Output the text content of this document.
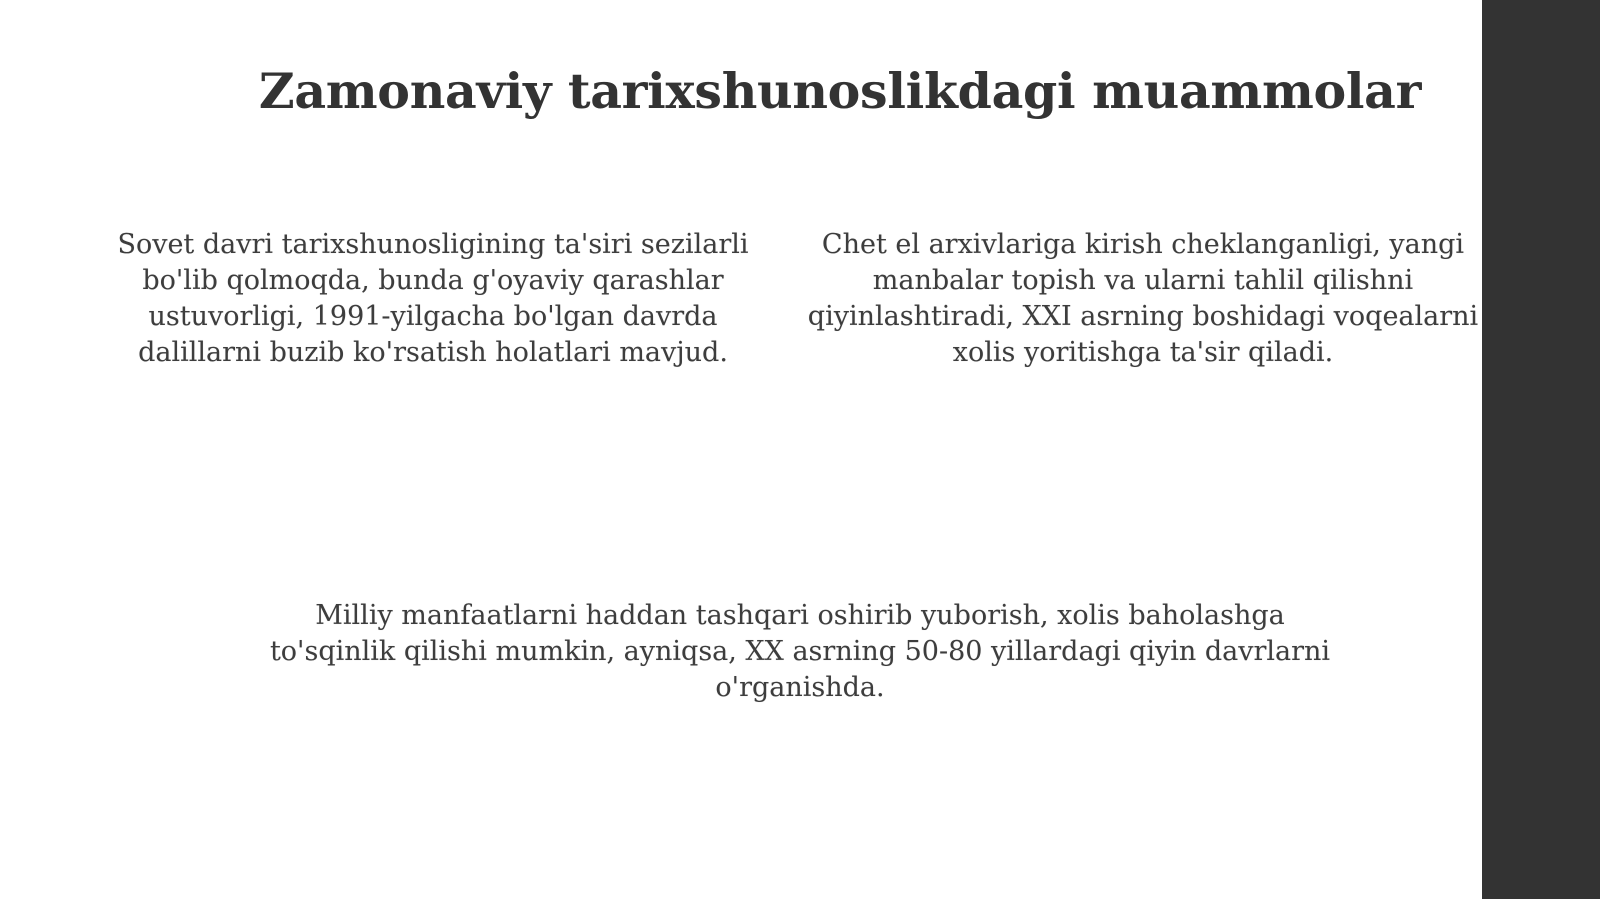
Zamonaviy tarixshunoslikdagi muammolar

Sovet davri tarixshunosligining ta'siri sezilarli bo'lib qolmoqda, bunda g'oyaviy qarashlar ustuvorligi, 1991-yilgacha bo'lgan davrda dalillarni buzib ko'rsatish holatlari mavjud.

Chet el arxivlariga kirish cheklanganligi, yangi manbalar topish va ularni tahlil qilishni qiyinlashtiradi, XXI asrning boshidagi voqealarni xolis yoritishga ta'sir qiladi.

Milliy manfaatlarni haddan tashqari oshirib yuborish, xolis baholashga to'sqinlik qilishi mumkin, ayniqsa, XX asrning 50-80 yillardagi qiyin davrlarni o'rganishda.
